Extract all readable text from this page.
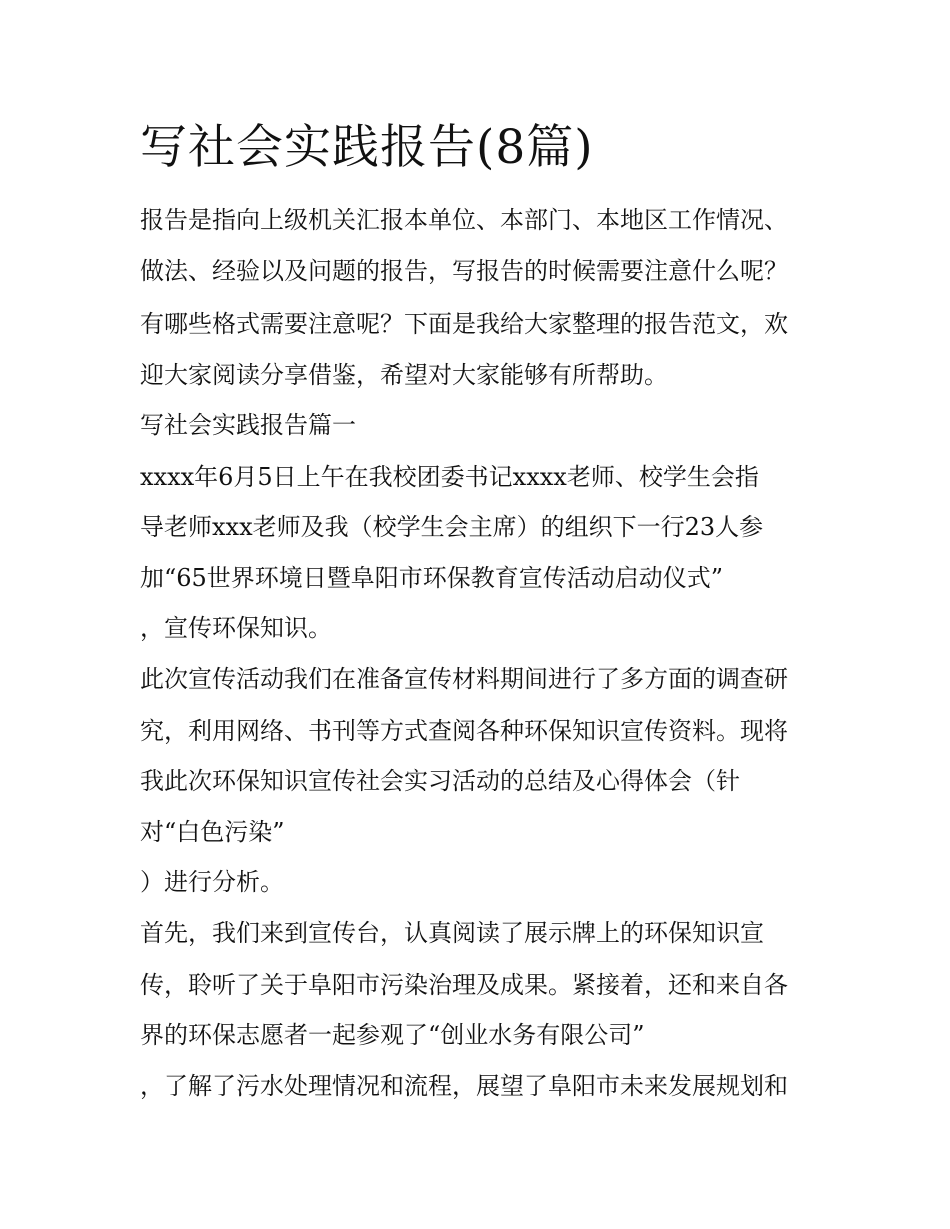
写社会实践报告(8篇)

报告是指向上级机关汇报本单位、本部门、本地区工作情况、

做法、经验以及问题的报告，写报告的时候需要注意什么呢？

有哪些格式需要注意呢？下面是我给大家整理的报告范文，欢

迎大家阅读分享借鉴，希望对大家能够有所帮助。

写社会实践报告篇一

xxxx年6月5日上午在我校团委书记xxxx老师、校学生会指

导老师xxx老师及我（校学生会主席）的组织下一行23人参

加“65世界环境日暨阜阳市环保教育宣传活动启动仪式”

，宣传环保知识。

此次宣传活动我们在准备宣传材料期间进行了多方面的调查研

究，利用网络、书刊等方式查阅各种环保知识宣传资料。现将

我此次环保知识宣传社会实习活动的总结及心得体会（针

对“白色污染”

）进行分析。

首先，我们来到宣传台，认真阅读了展示牌上的环保知识宣

传，聆听了关于阜阳市污染治理及成果。紧接着，还和来自各

界的环保志愿者一起参观了“创业水务有限公司”

，了解了污水处理情况和流程，展望了阜阳市未来发展规划和
